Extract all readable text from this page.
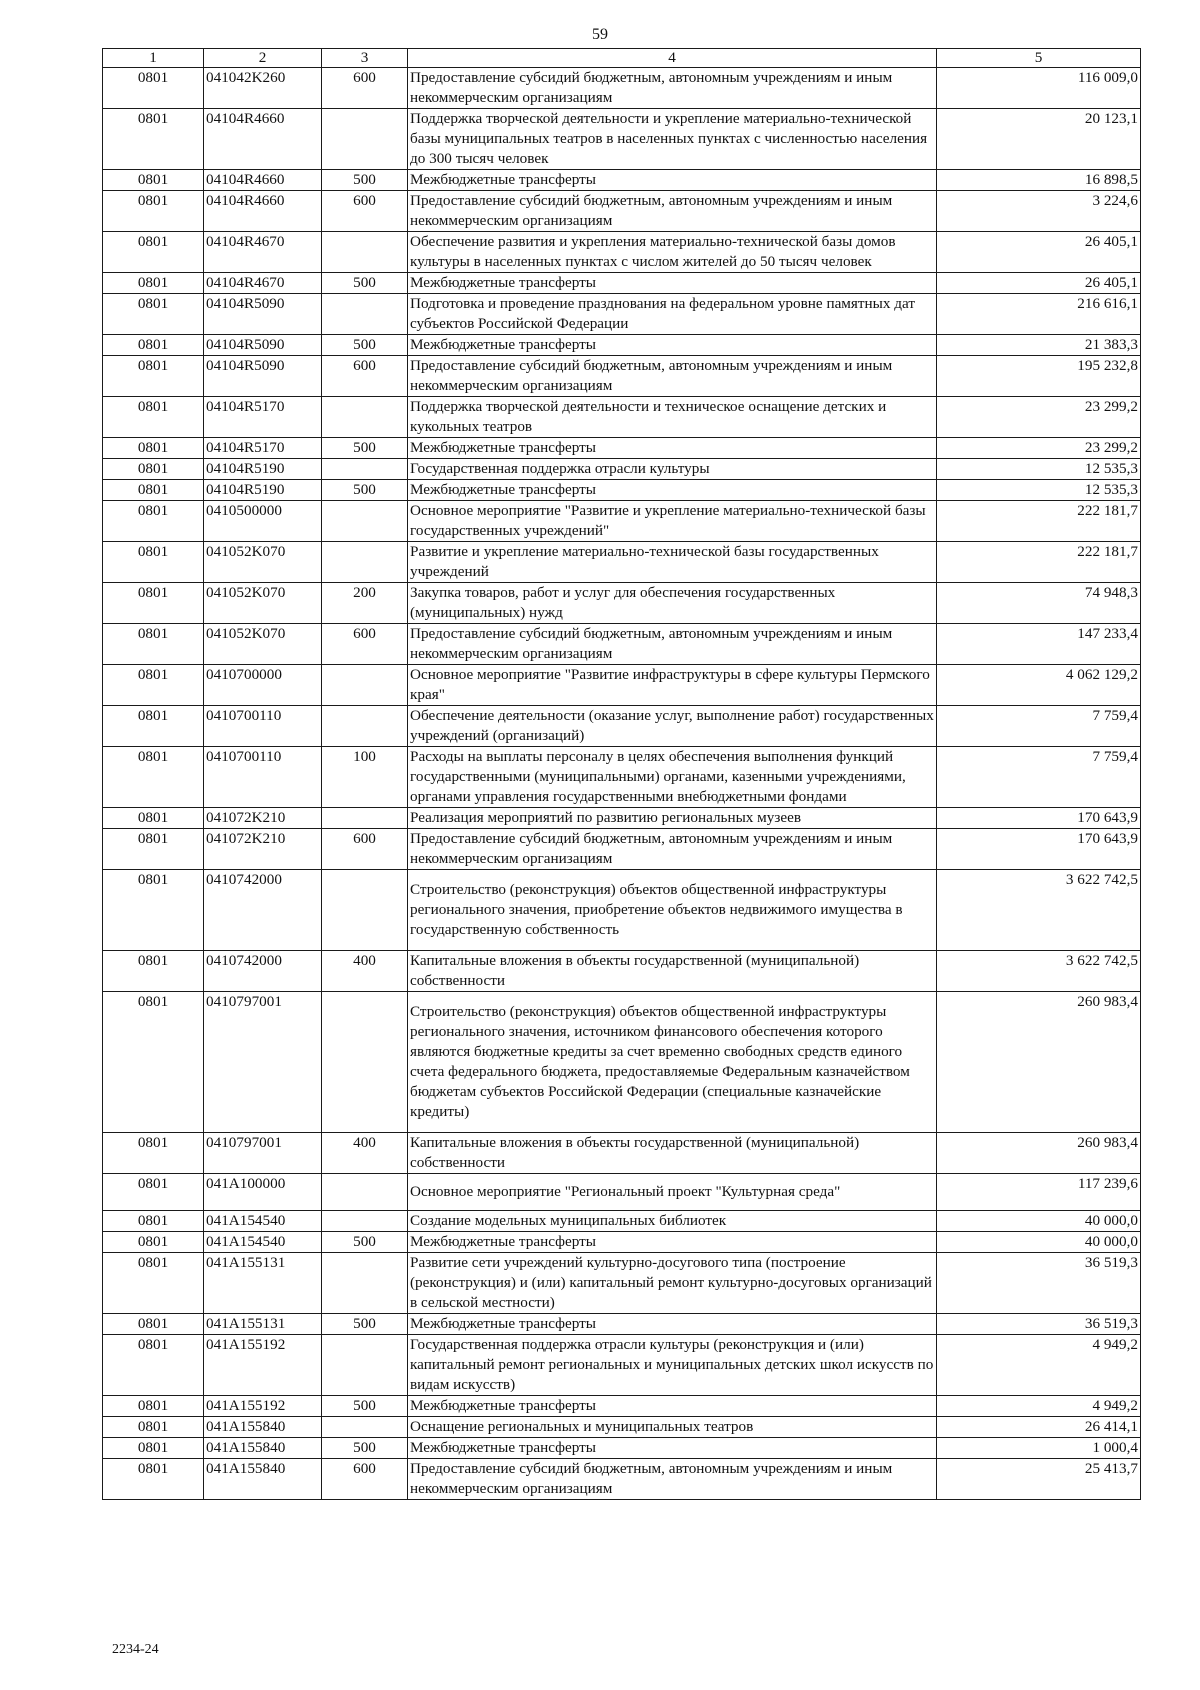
59
1	2	3	4	5
0801	041042K260	600	Предоставление субсидий бюджетным, автономным учреждениям и иным некоммерческим организациям	116 009,0
0801	04104R4660		Поддержка творческой деятельности и укрепление материально-технической базы муниципальных театров в населенных пунктах с численностью населения до 300 тысяч человек	20 123,1
0801	04104R4660	500	Межбюджетные трансферты	16 898,5
0801	04104R4660	600	Предоставление субсидий бюджетным, автономным учреждениям и иным некоммерческим организациям	3 224,6
0801	04104R4670		Обеспечение развития и укрепления материально-технической базы домов культуры в населенных пунктах с числом жителей до 50 тысяч человек	26 405,1
0801	04104R4670	500	Межбюджетные трансферты	26 405,1
0801	04104R5090		Подготовка и проведение празднования на федеральном уровне памятных дат субъектов Российской Федерации	216 616,1
0801	04104R5090	500	Межбюджетные трансферты	21 383,3
0801	04104R5090	600	Предоставление субсидий бюджетным, автономным учреждениям и иным некоммерческим организациям	195 232,8
0801	04104R5170		Поддержка творческой деятельности и техническое оснащение детских и кукольных театров	23 299,2
0801	04104R5170	500	Межбюджетные трансферты	23 299,2
0801	04104R5190		Государственная поддержка отрасли культуры	12 535,3
0801	04104R5190	500	Межбюджетные трансферты	12 535,3
0801	0410500000		Основное мероприятие "Развитие и укрепление материально-технической базы государственных учреждений"	222 181,7
0801	041052K070		Развитие и укрепление материально-технической базы государственных учреждений	222 181,7
0801	041052K070	200	Закупка товаров, работ и услуг для обеспечения государственных (муниципальных) нужд	74 948,3
0801	041052K070	600	Предоставление субсидий бюджетным, автономным учреждениям и иным некоммерческим организациям	147 233,4
0801	0410700000		Основное мероприятие "Развитие инфраструктуры в сфере культуры Пермского края"	4 062 129,2
0801	0410700110		Обеспечение деятельности (оказание услуг, выполнение работ) государственных учреждений (организаций)	7 759,4
0801	0410700110	100	Расходы на выплаты персоналу в целях обеспечения выполнения функций государственными (муниципальными) органами, казенными учреждениями, органами управления государственными внебюджетными фондами	7 759,4
0801	041072K210		Реализация мероприятий по развитию региональных музеев	170 643,9
0801	041072K210	600	Предоставление субсидий бюджетным, автономным учреждениям и иным некоммерческим организациям	170 643,9
0801	0410742000		Строительство (реконструкция) объектов общественной инфраструктуры регионального значения, приобретение объектов недвижимого имущества в государственную собственность	3 622 742,5
0801	0410742000	400	Капитальные вложения в объекты государственной (муниципальной) собственности	3 622 742,5
0801	0410797001		Строительство (реконструкция) объектов общественной инфраструктуры регионального значения, источником финансового обеспечения которого являются бюджетные кредиты за счет временно свободных средств единого счета федерального бюджета, предоставляемые Федеральным казначейством бюджетам субъектов Российской Федерации (специальные казначейские кредиты)	260 983,4
0801	0410797001	400	Капитальные вложения в объекты государственной (муниципальной) собственности	260 983,4
0801	041A100000		Основное мероприятие "Региональный проект "Культурная среда"	117 239,6
0801	041A154540		Создание модельных муниципальных библиотек	40 000,0
0801	041A154540	500	Межбюджетные трансферты	40 000,0
0801	041A155131		Развитие сети учреждений культурно-досугового типа (построение (реконструкция) и (или) капитальный ремонт культурно-досуговых организаций в сельской местности)	36 519,3
0801	041A155131	500	Межбюджетные трансферты	36 519,3
0801	041A155192		Государственная поддержка отрасли культуры (реконструкция и (или) капитальный ремонт региональных и муниципальных детских школ искусств по видам искусств)	4 949,2
0801	041A155192	500	Межбюджетные трансферты	4 949,2
0801	041A155840		Оснащение региональных и муниципальных театров	26 414,1
0801	041A155840	500	Межбюджетные трансферты	1 000,4
0801	041A155840	600	Предоставление субсидий бюджетным, автономным учреждениям и иным некоммерческим организациям	25 413,7
2234-24
